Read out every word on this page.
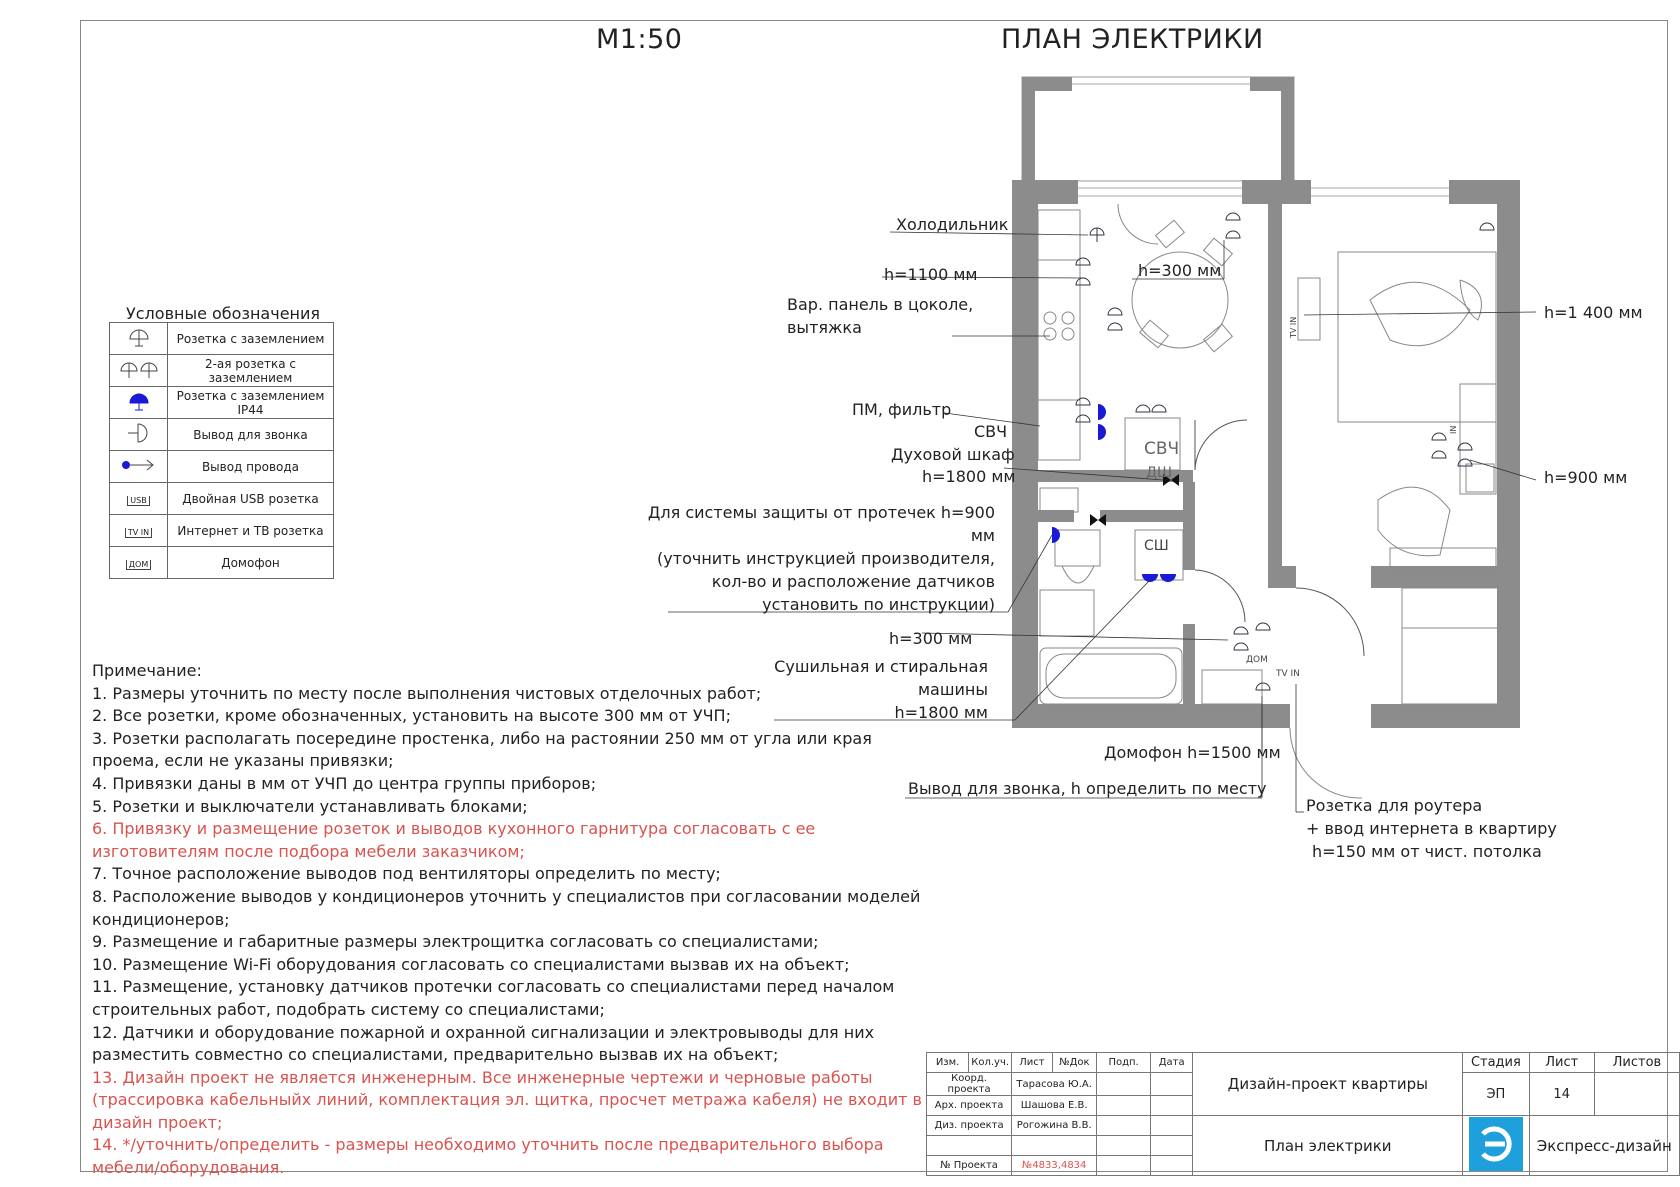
М1:50	ПЛАН ЭЛЕКТРИКИ
Условные обозначения
	Розетка с заземлением
	2-ая розетка с заземлением
	Розетка с заземлением IP44
	Вывод для звонка
	Вывод провода
USB	Двойная USB розетка
TV IN	Интернет и ТВ розетка
ДОМ	Домофон
СВЧ
ДШ
СШ
TV IN
ДОМ
TV IN
IN
Холодильник
h=1100 мм	h=300 мм
Вар. панель в цоколе,
вытяжка
ПМ, фильтр
СВЧ
Духовой шкаф
h=1800 мм
Для системы защиты от протечек h=900
мм
(уточнить инструкцией производителя,
кол-во и расположение датчиков
установить по инструкции)
h=300 мм
Сушильная и стиральная
машины
h=1800 мм
Домофон h=1500 мм
Вывод для звонка, h определить по месту
Розетка для роутера
+ ввод интернета в квартиру
h=150 мм от чист. потолка
h=1 400 мм
h=900 мм
Примечание:
1. Размеры уточнить по месту после выполнения чистовых отделочных работ;
2. Все розетки, кроме обозначенных, установить на высоте 300 мм от УЧП;
3. Розетки располагать посередине простенка, либо на растоянии 250 мм от угла или края проема, если не указаны привязки;
4. Привязки даны в мм от УЧП до центра группы приборов;
5. Розетки и выключатели устанавливать блоками;
6. Привязку и размещение розеток и выводов кухонного гарнитура согласовать с ее изготовителям после подбора мебели заказчиком;
7. Точное расположение выводов под вентиляторы определить по месту;
8. Расположение выводов у кондиционеров уточнить у специалистов при согласовании моделей кондиционеров;
9. Размещение и габаритные размеры электрощитка согласовать со специалистами;
10. Размещение Wi-Fi оборудования согласовать со специалистами вызвав их на объект;
11. Размещение, установку датчиков протечки согласовать со специалистами перед началом строительных работ, подобрать систему со специалистами;
12. Датчики и оборудование пожарной и охранной сигнализации и электровыводы для них разместить совместно со специалистами, предварительно вызвав их на объект;
13. Дизайн проект не является инженерным. Все инженерные чертежи и черновые работы (трассировка кабельныйх линий, комплектация эл. щитка, просчет метража кабеля) не входит в дизайн проект;
14. */уточнить/определить - размеры необходимо уточнить после предварительного выбора мебели/оборудования.
Изм.	Кол.уч.	Лист	№Док	Подп.	Дата	Дизайн-проект квартиры	Стадия	Лист	Листов
Коорд. проекта		Тарасова Ю.А.					ЭП	14	
Арх. проекта		Шашова Е.В.							
Диз. проекта		Рогожина В.В.				План электрики		Экспресс-дизайн	

№ Проекта		№4833,4834							
